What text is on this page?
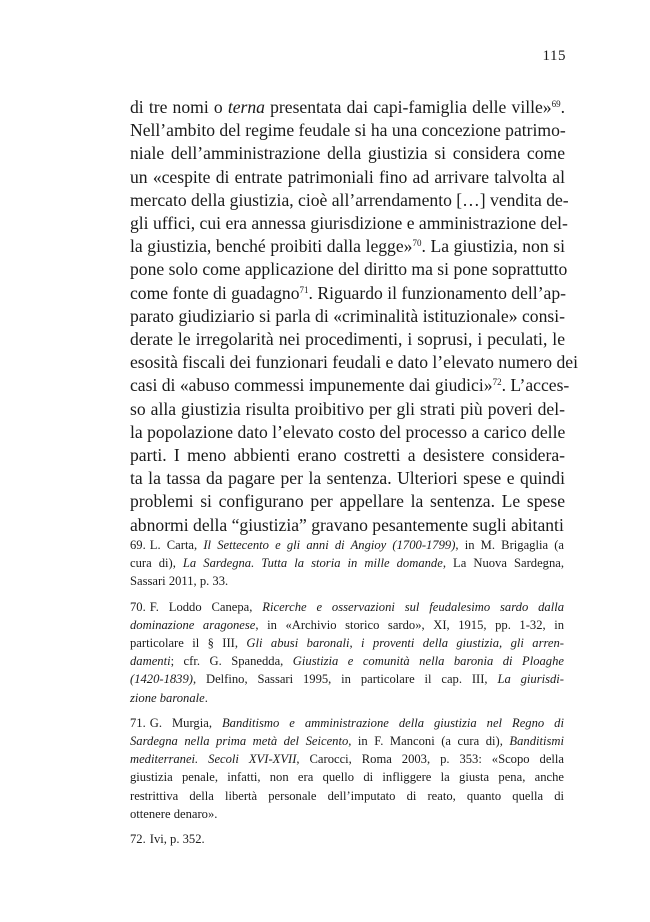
115
di tre nomi o terna presentata dai capi-famiglia delle ville»$^{69}$.
Nell’ambito del regime feudale si ha una concezione patrimo-
niale dell’amministrazione della giustizia si considera come
un «cespite di entrate patrimoniali fino ad arrivare talvolta al
mercato della giustizia, cioè all’arrendamento […] vendita de-
gli uffici, cui era annessa giurisdizione e amministrazione del-
la giustizia, benché proibiti dalla legge»$^{70}$. La giustizia, non si
pone solo come applicazione del diritto ma si pone soprattutto
come fonte di guadagno$^{71}$. Riguardo il funzionamento dell’ap-
parato giudiziario si parla di «criminalità istituzionale» consi-
derate le irregolarità nei procedimenti, i soprusi, i peculati, le
esosità fiscali dei funzionari feudali e dato l’elevato numero dei
casi di «abuso commessi impunemente dai giudici»$^{72}$. L’acces-
so alla giustizia risulta proibitivo per gli strati più poveri del-
la popolazione dato l’elevato costo del processo a carico delle
parti. I meno abbienti erano costretti a desistere considera-
ta la tassa da pagare per la sentenza. Ulteriori spese e quindi
problemi si configurano per appellare la sentenza. Le spese
abnormi della “giustizia” gravano pesantemente sugli abitanti
69. L. Carta, Il Settecento e gli anni di Angioy (1700-1799), in M. Brigaglia (a
cura di), La Sardegna. Tutta la storia in mille domande, La Nuova Sardegna,
Sassari 2011, p. 33.
70. F. Loddo Canepa, Ricerche e osservazioni sul feudalesimo sardo dalla
dominazione aragonese, in «Archivio storico sardo», XI, 1915, pp. 1-32, in
particolare il § III, Gli abusi baronali, i proventi della giustizia, gli arren-
damenti; cfr. G. Spanedda, Giustizia e comunità nella baronia di Ploaghe
(1420-1839), Delfino, Sassari 1995, in particolare il cap. III, La giurisdi-
zione baronale.
71. G. Murgia, Banditismo e amministrazione della giustizia nel Regno di
Sardegna nella prima metà del Seicento, in F. Manconi (a cura di), Banditismi
mediterranei. Secoli XVI-XVII, Carocci, Roma 2003, p. 353: «Scopo della
giustizia penale, infatti, non era quello di infliggere la giusta pena, anche
restrittiva della libertà personale dell’imputato di reato, quanto quella di
ottenere denaro».
72. Ivi, p. 352.
